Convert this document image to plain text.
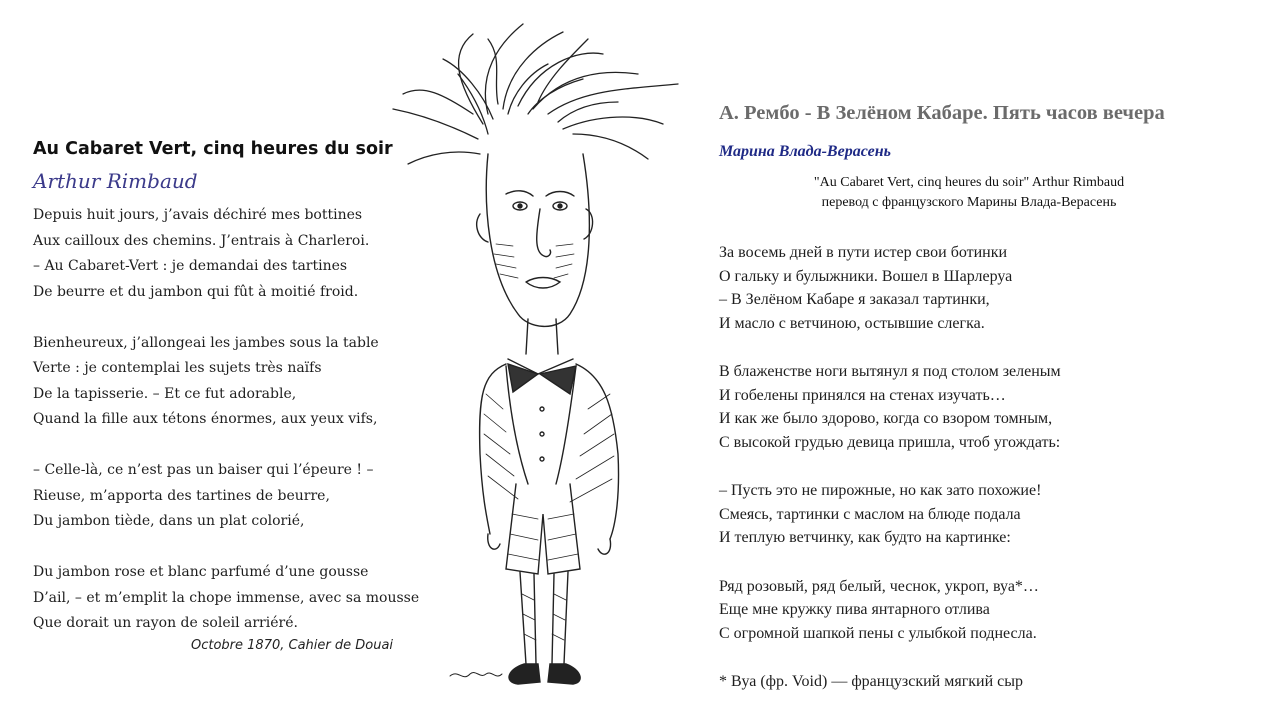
Au Cabaret Vert, cinq heures du soir
Arthur Rimbaud
Depuis huit jours, j’avais déchiré mes bottines
Aux cailloux des chemins. J’entrais à Charleroi.
– Au Cabaret-Vert : je demandai des tartines
De beurre et du jambon qui fût à moitié froid.
Bienheureux, j’allongeai les jambes sous la table
Verte : je contemplai les sujets très naïfs
De la tapisserie. – Et ce fut adorable,
Quand la fille aux tétons énormes, aux yeux vifs,
– Celle-là, ce n’est pas un baiser qui l’épeure ! –
Rieuse, m’apporta des tartines de beurre,
Du jambon tiède, dans un plat colorié,
Du jambon rose et blanc parfumé d’une gousse
D’ail, – et m’emplit la chope immense, avec sa mousse
Que dorait un rayon de soleil arriéré.
Octobre 1870, Cahier de Douai
А. Рембо - В Зелёном Кабаре. Пять часов вечера
Марина Влада-Верасень
"Au Cabaret Vert, cinq heures du soir" Arthur Rimbaud
перевод с французского Марины Влада-Верасень
За восемь дней в пути истер свои ботинки
О гальку и булыжники. Вошел в Шарлеруа
– В Зелёном Кабаре я заказал тартинки,
И масло с ветчиною, остывшие слегка.
В блаженстве ноги вытянул я под столом зеленым
И гобелены принялся на стенах изучать…
И как же было здорово, когда со взором томным,
С высокой грудью девица пришла, чтоб угождать:
– Пусть это не пирожные, но как зато похожие!
Смеясь, тартинки с маслом на блюде подала
И теплую ветчинку, как будто на картинке:
Ряд розовый, ряд белый, чеснок, укроп, вуа*…
Еще мне кружку пива янтарного отлива
С огромной шапкой пены с улыбкой поднесла.
* Вуа (фр. Void) — французский мягкий сыр
